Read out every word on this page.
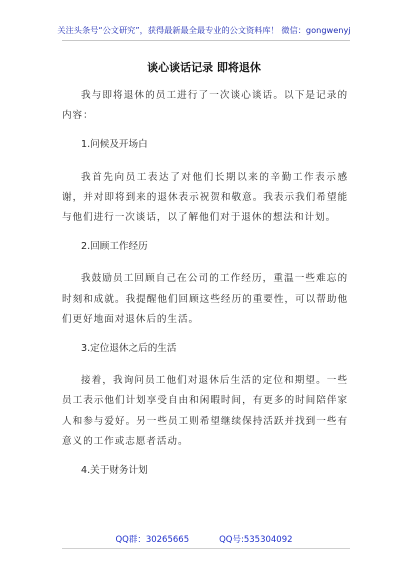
关注头条号“公文研究”，获得最新最全最专业的公文资料库！ 微信：gongwenyj
谈心谈话记录 即将退休

我与即将退休的员工进行了一次谈心谈话。以下是记录的内容：

1.问候及开场白

我首先向员工表达了对他们长期以来的辛勤工作表示感谢，并对即将到来的退休表示祝贺和敬意。我表示我们希望能与他们进行一次谈话，以了解他们对于退休的想法和计划。

2.回顾工作经历

我鼓励员工回顾自己在公司的工作经历，重温一些难忘的时刻和成就。我提醒他们回顾这些经历的重要性，可以帮助他们更好地面对退休后的生活。

3.定位退休之后的生活

接着，我询问员工他们对退休后生活的定位和期望。一些员工表示他们计划享受自由和闲暇时间，有更多的时间陪伴家人和参与爱好。另一些员工则希望继续保持活跃并找到一些有意义的工作或志愿者活动。

4.关于财务计划

QQ群：30265665	QQ号:535304092
